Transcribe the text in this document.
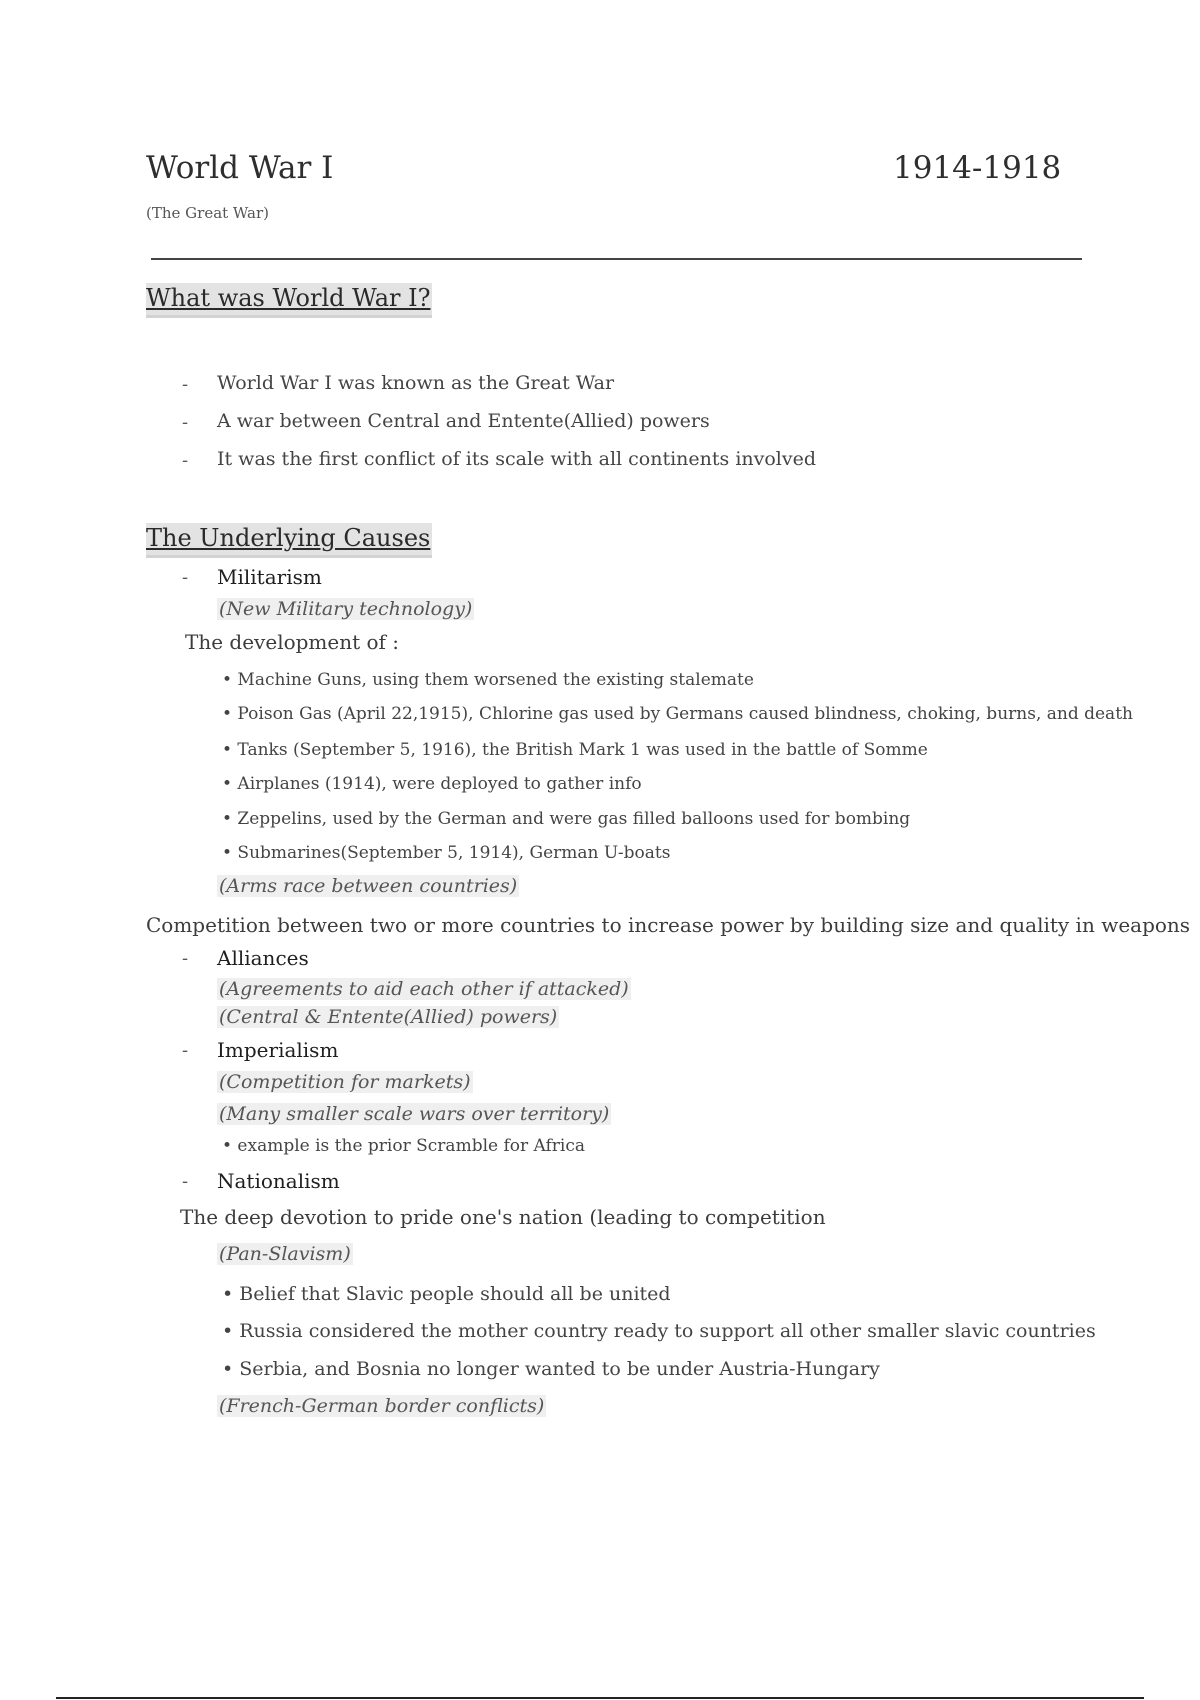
World War I	1914-1918
(The Great War)
What was World War I?
- World War I was known as the Great War
- A war between Central and Entente(Allied) powers
- It was the first conflict of its scale with all continents involved
The Underlying Causes
- Militarism
(New Military technology)
The development of :
• Machine Guns, using them worsened the existing stalemate
• Poison Gas (April 22,1915), Chlorine gas used by Germans caused blindness, choking, burns, and death
• Tanks (September 5, 1916), the British Mark 1 was used in the battle of Somme
• Airplanes (1914), were deployed to gather info
• Zeppelins, used by the German and were gas filled balloons used for bombing
• Submarines(September 5, 1914), German U-boats
(Arms race between countries)
Competition between two or more countries to increase power by building size and quality in weapons
- Alliances
(Agreements to aid each other if attacked)
(Central & Entente(Allied) powers)
- Imperialism
(Competition for markets)
(Many smaller scale wars over territory)
• example is the prior Scramble for Africa
- Nationalism
The deep devotion to pride one's nation (leading to competition
(Pan-Slavism)
• Belief that Slavic people should all be united
• Russia considered the mother country ready to support all other smaller slavic countries
• Serbia, and Bosnia no longer wanted to be under Austria-Hungary
(French-German border conflicts)
